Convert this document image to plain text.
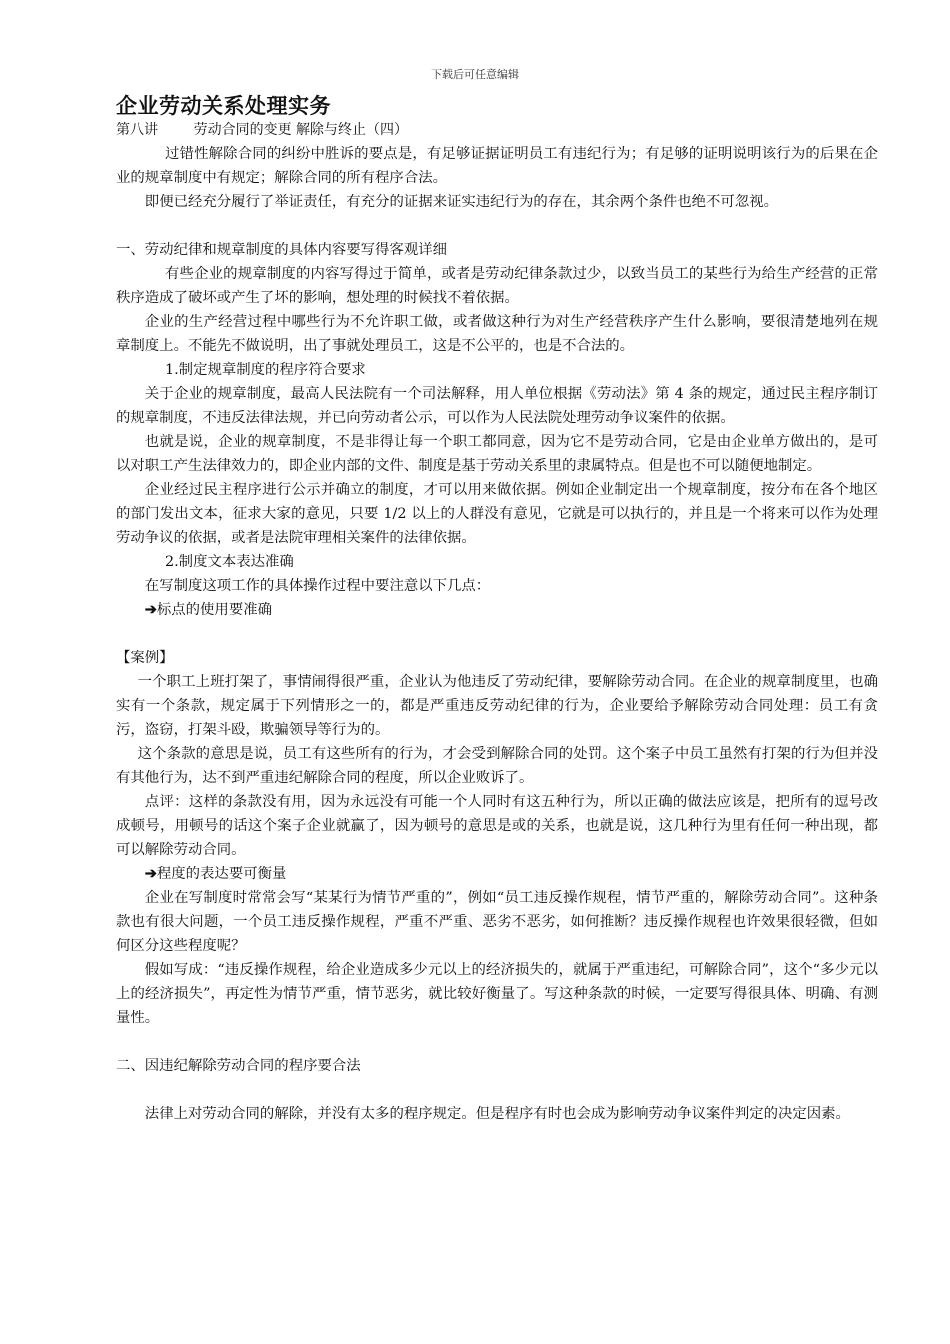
下载后可任意编辑
企业劳动关系处理实务
第八讲        劳动合同的变更 解除与终止（四）

过错性解除合同的纠纷中胜诉的要点是，有足够证据证明员工有违纪行为；有足够的证明说明该行为的后果在企业的规章制度中有规定；解除合同的所有程序合法。

即便已经充分履行了举证责任，有充分的证据来证实违纪行为的存在，其余两个条件也绝不可忽视。

一、劳动纪律和规章制度的具体内容要写得客观详细

有些企业的规章制度的内容写得过于简单，或者是劳动纪律条款过少，以致当员工的某些行为给生产经营的正常秩序造成了破坏或产生了坏的影响，想处理的时候找不着依据。

企业的生产经营过程中哪些行为不允许职工做，或者做这种行为对生产经营秩序产生什么影响，要很清楚地列在规章制度上。不能先不做说明，出了事就处理员工，这是不公平的，也是不合法的。

1.制定规章制度的程序符合要求

关于企业的规章制度，最高人民法院有一个司法解释，用人单位根据《劳动法》第 4 条的规定，通过民主程序制订的规章制度，不违反法律法规，并已向劳动者公示，可以作为人民法院处理劳动争议案件的依据。

也就是说，企业的规章制度，不是非得让每一个职工都同意，因为它不是劳动合同，它是由企业单方做出的，是可以对职工产生法律效力的，即企业内部的文件、制度是基于劳动关系里的隶属特点。但是也不可以随便地制定。

企业经过民主程序进行公示并确立的制度，才可以用来做依据。例如企业制定出一个规章制度，按分布在各个地区的部门发出文本，征求大家的意见，只要 1/2 以上的人群没有意见，它就是可以执行的，并且是一个将来可以作为处理劳动争议的依据，或者是法院审理相关案件的法律依据。

2.制度文本表达准确

在写制度这项工作的具体操作过程中要注意以下几点：

➔标点的使用要准确

【案例】

一个职工上班打架了，事情闹得很严重，企业认为他违反了劳动纪律，要解除劳动合同。在企业的规章制度里，也确实有一个条款，规定属于下列情形之一的，都是严重违反劳动纪律的行为，企业要给予解除劳动合同处理：员工有贪污，盗窃，打架斗殴，欺骗领导等行为的。

这个条款的意思是说，员工有这些所有的行为，才会受到解除合同的处罚。这个案子中员工虽然有打架的行为但并没有其他行为，达不到严重违纪解除合同的程度，所以企业败诉了。

点评：这样的条款没有用，因为永远没有可能一个人同时有这五种行为，所以正确的做法应该是，把所有的逗号改成顿号，用顿号的话这个案子企业就赢了，因为顿号的意思是或的关系，也就是说，这几种行为里有任何一种出现，都可以解除劳动合同。

➔程度的表达要可衡量

企业在写制度时常常会写“某某行为情节严重的”，例如“员工违反操作规程，情节严重的，解除劳动合同”。这种条款也有很大问题，一个员工违反操作规程，严重不严重、恶劣不恶劣，如何推断？违反操作规程也许效果很轻微，但如何区分这些程度呢？

假如写成：“违反操作规程，给企业造成多少元以上的经济损失的，就属于严重违纪，可解除合同”，这个“多少元以上的经济损失”，再定性为情节严重，情节恶劣，就比较好衡量了。写这种条款的时候，一定要写得很具体、明确、有测量性。

二、因违纪解除劳动合同的程序要合法

法律上对劳动合同的解除，并没有太多的程序规定。但是程序有时也会成为影响劳动争议案件判定的决定因素。
